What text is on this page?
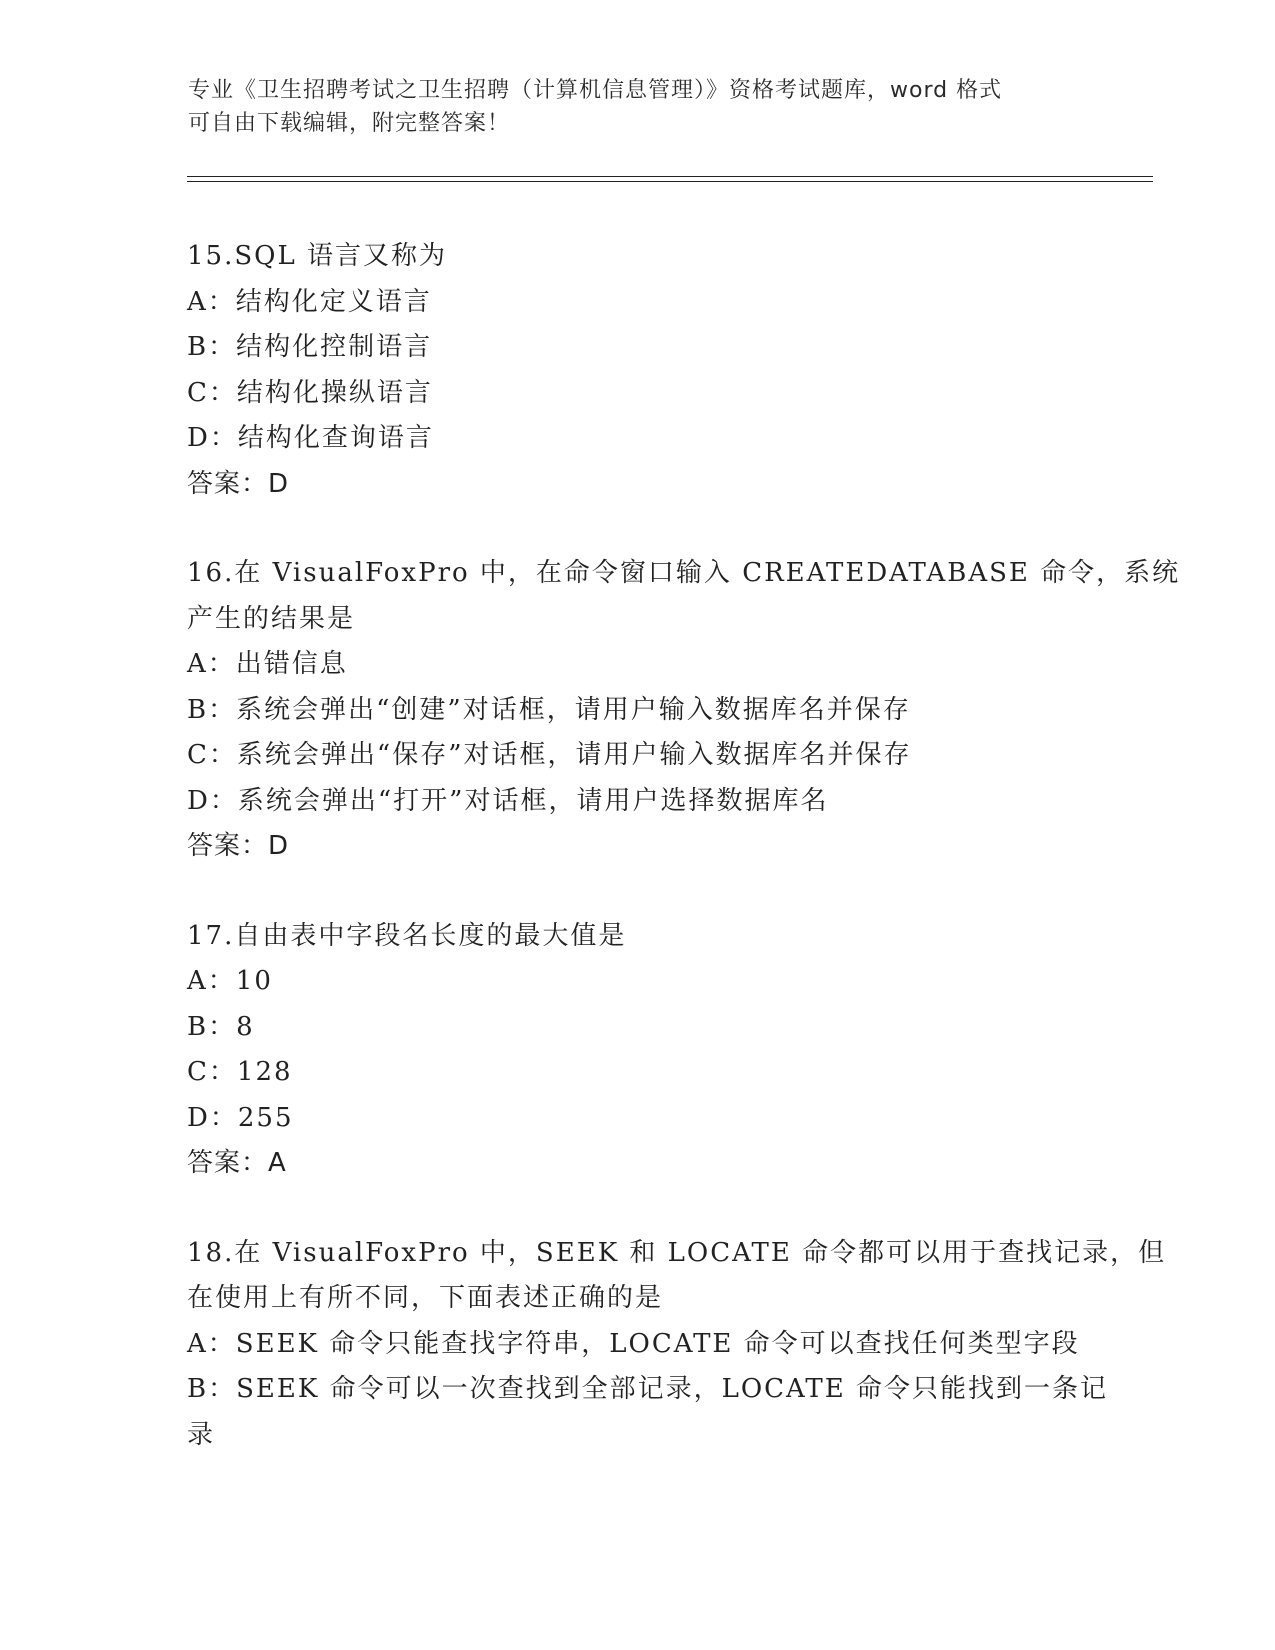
专业《卫生招聘考试之卫生招聘（计算机信息管理）》资格考试题库，word 格式
可自由下载编辑，附完整答案！
15.SQL 语言又称为
A：结构化定义语言
B：结构化控制语言
C：结构化操纵语言
D：结构化查询语言
答案：D
16.在 VisualFoxPro 中，在命令窗口输入 CREATEDATABASE 命令，系统
产生的结果是
A：出错信息
B：系统会弹出“创建”对话框，请用户输入数据库名并保存
C：系统会弹出“保存”对话框，请用户输入数据库名并保存
D：系统会弹出“打开”对话框，请用户选择数据库名
答案：D
17.自由表中字段名长度的最大值是
A：10
B：8
C：128
D：255
答案：A
18.在 VisualFoxPro 中，SEEK 和 LOCATE 命令都可以用于查找记录，但
在使用上有所不同，下面表述正确的是
A：SEEK 命令只能查找字符串，LOCATE 命令可以查找任何类型字段
B：SEEK 命令可以一次查找到全部记录，LOCATE 命令只能找到一条记
录
